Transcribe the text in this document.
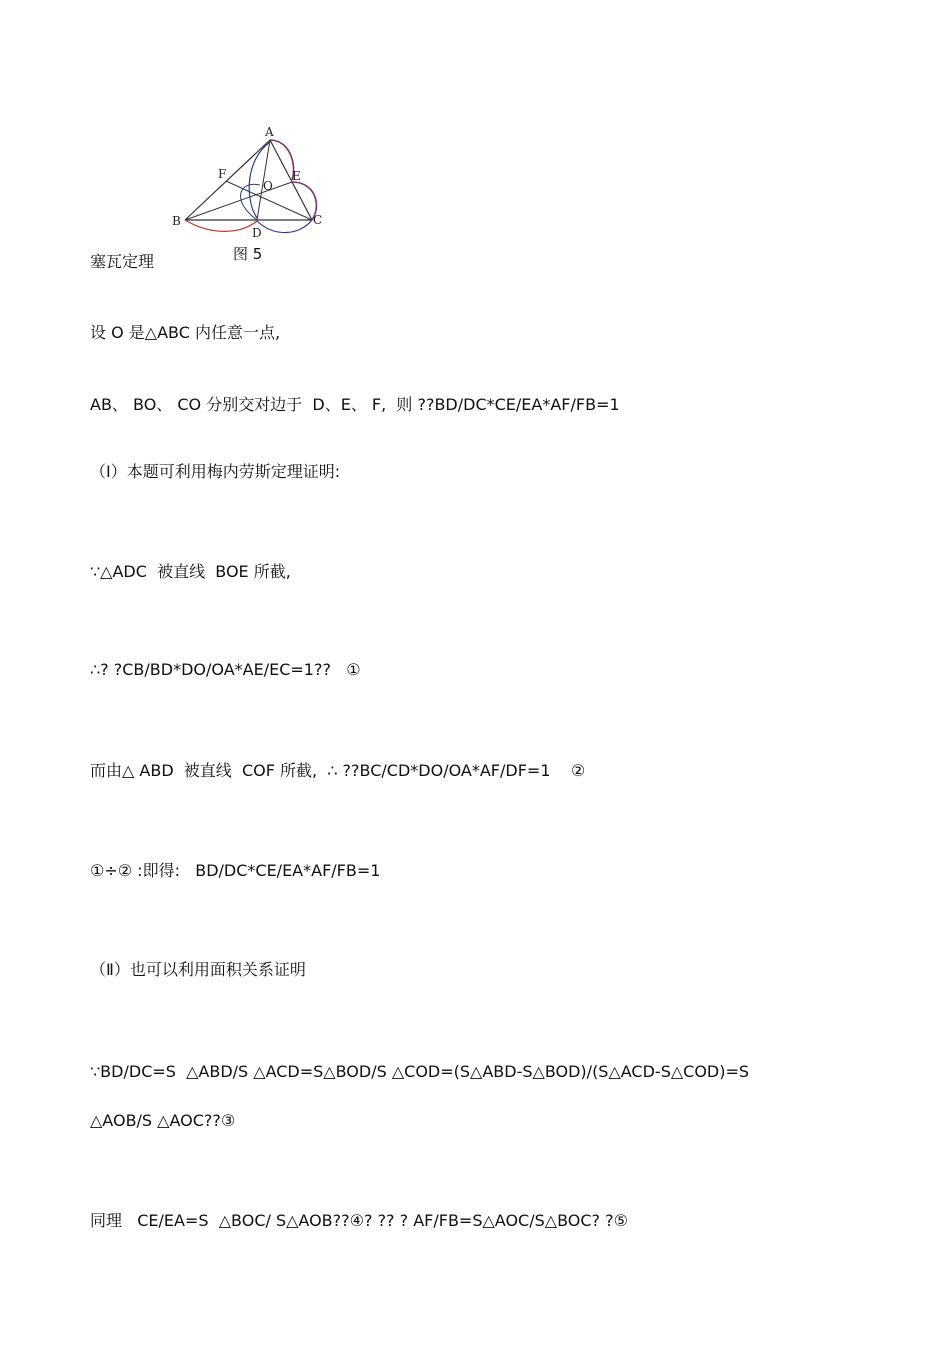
A
B	C
D
E
F
O
图 5
塞瓦定理
设 O 是△ABC 内任意一点,
AB、 BO、 CO 分别交对边于  D、E、 F,  则 ??BD/DC*CE/EA*AF/FB=1
（Ⅰ）本题可利用梅内劳斯定理证明:
∵△ADC  被直线  BOE 所截,
∴? ?CB/BD*DO/OA*AE/EC=1??   ①
而由△ ABD  被直线  COF 所截,  ∴ ??BC/CD*DO/OA*AF/DF=1    ②
①÷② :即得:   BD/DC*CE/EA*AF/FB=1
（Ⅱ）也可以利用面积关系证明
∵BD/DC=S  △ABD/S △ACD=S△BOD/S △COD=(S△ABD-S△BOD)/(S△ACD-S△COD)=S
△AOB/S △AOC??③
同理   CE/EA=S  △BOC/ S△AOB??④? ?? ? AF/FB=S△AOC/S△BOC? ?⑤
